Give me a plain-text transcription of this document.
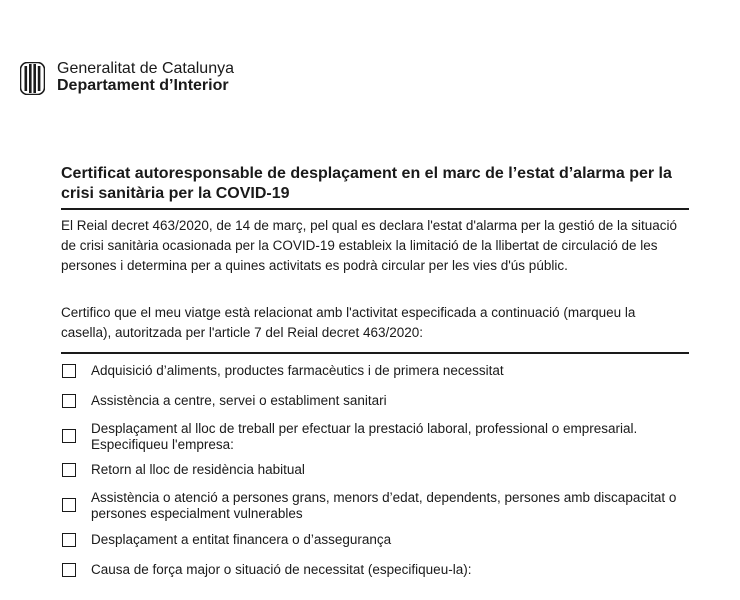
Generalitat de Catalunya
Departament d’Interior
Certificat autoresponsable de desplaçament en el marc de l’estat d’alarma per la crisi sanitària per la COVID-19

El Reial decret 463/2020, de 14 de març, pel qual es declara l'estat d'alarma per la gestió de la situació de crisi sanitària ocasionada per la COVID-19 estableix la limitació de la llibertat de circulació de les persones i determina per a quines activitats es podrà circular per les vies d'ús públic.

Certifico que el meu viatge està relacionat amb l'activitat especificada a continuació (marqueu la casella), autoritzada per l'article 7 del Reial decret 463/2020:

Adquisició d’aliments, productes farmacèutics i de primera necessitat
Assistència a centre, servei o establiment sanitari
Desplaçament al lloc de treball per efectuar la prestació laboral, professional o empresarial. Especifiqueu l'empresa:
Retorn al lloc de residència habitual
Assistència o atenció a persones grans, menors d’edat, dependents, persones amb discapacitat o persones especialment vulnerables
Desplaçament a entitat financera o d’assegurança
Causa de força major o situació de necessitat (especifiqueu-la):
